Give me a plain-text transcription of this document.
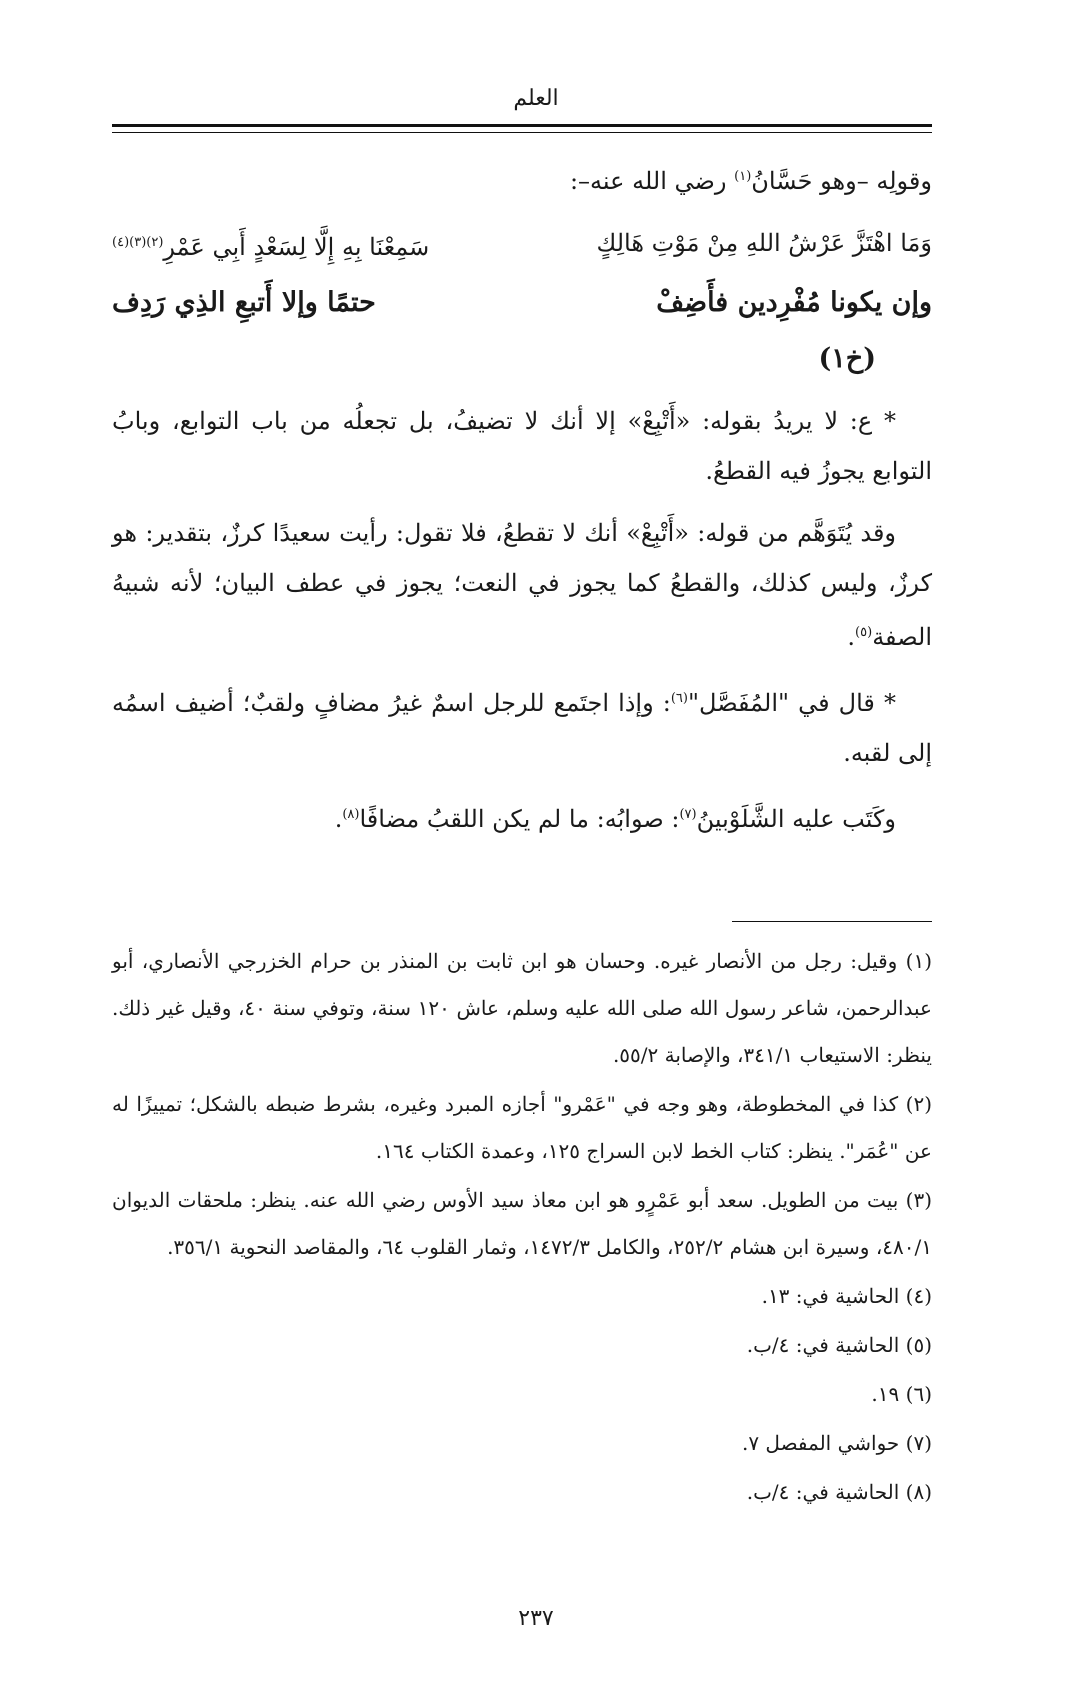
العلم

وقولِه –وهو حَسَّانُ$^{(١)}$ رضي الله عنه–:

وَمَا اهْتَزَّ عَرْشُ اللهِ مِنْ مَوْتِ هَالِكٍ
سَمِعْنَا بِهِ إِلَّا لِسَعْدٍ أَبِي عَمْرِ$^{(٢)(٣)(٤)}$
وإن يكونا مُفْرِدين فأَضِفْ
حتمًا وإلا أَتبعِ الذِي رَدِف
(خ١)

* ع: لا يريدُ بقوله: «أَتْبِعْ» إلا أنك لا تضيفُ، بل تجعلُه من باب التوابع، وبابُ التوابع يجوزُ فيه القطعُ.

وقد يُتَوَهَّم من قوله: «أَتْبِعْ» أنك لا تقطعُ، فلا تقول: رأيت سعيدًا كرزٌ، بتقدير: هو كرزٌ، وليس كذلك، والقطعُ كما يجوز في النعت؛ يجوز في عطف البيان؛ لأنه شبيهُ الصفة$^{(٥)}$.

* قال في "المُفَصَّل"$^{(٦)}$: وإذا اجتَمع للرجل اسمٌ غيرُ مضافٍ ولقبٌ؛ أضيف اسمُه إلى لقبه.

وكَتَب عليه الشَّلَوْبينُ$^{(٧)}$: صوابُه: ما لم يكن اللقبُ مضافًا$^{(٨)}$.

(١) وقيل: رجل من الأنصار غيره. وحسان هو ابن ثابت بن المنذر بن حرام الخزرجي الأنصاري، أبو عبدالرحمن، شاعر رسول الله صلى الله عليه وسلم، عاش ١٢٠ سنة، وتوفي سنة ٤٠، وقيل غير ذلك. ينظر: الاستيعاب ٣٤١/١، والإصابة ٥٥/٢.

(٢) كذا في المخطوطة، وهو وجه في "عَمْرو" أجازه المبرد وغيره، بشرط ضبطه بالشكل؛ تمييزًا له عن "عُمَر". ينظر: كتاب الخط لابن السراج ١٢٥، وعمدة الكتاب ١٦٤.

(٣) بيت من الطويل. سعد أبو عَمْرٍو هو ابن معاذ سيد الأوس رضي الله عنه. ينظر: ملحقات الديوان ٤٨٠/١، وسيرة ابن هشام ٢٥٢/٢، والكامل ١٤٧٢/٣، وثمار القلوب ٦٤، والمقاصد النحوية ٣٥٦/١.

(٤) الحاشية في: ١٣.

(٥) الحاشية في: ٤/ب.

(٦) ١٩.

(٧) حواشي المفصل ٧.

(٨) الحاشية في: ٤/ب.

٢٣٧
